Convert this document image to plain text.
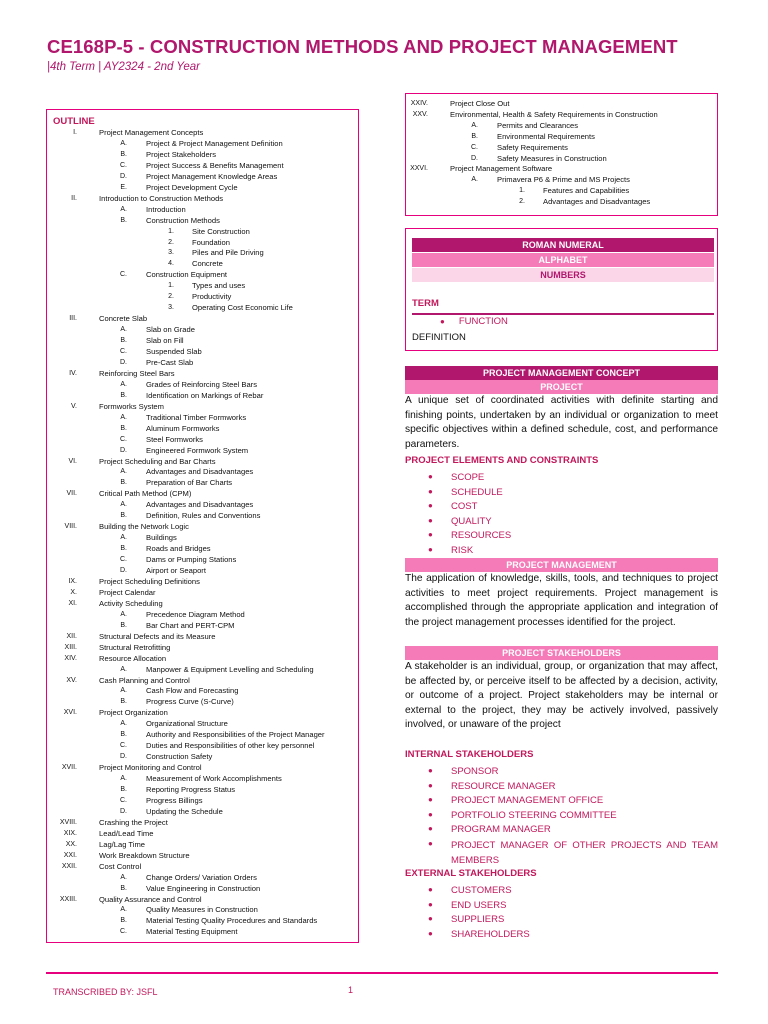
CE168P-5 - CONSTRUCTION METHODS AND PROJECT MANAGEMENT
|4th Term | AY2324 - 2nd Year
OUTLINE
I.	Project Management Concepts
A.	Project & Project Management Definition
B.	Project Stakeholders
C.	Project Success & Benefits Management
D.	Project Management Knowledge Areas
E.	Project Development Cycle
II.	Introduction to Construction Methods
A.	Introduction
B.	Construction Methods
1. Site Construction
2. Foundation
3. Piles and Pile Driving
4. Concrete
C.	Construction Equipment
1. Types and uses
2. Productivity
3. Operating Cost Economic Life
III.	Concrete Slab
A.	Slab on Grade
B.	Slab on Fill
C.	Suspended Slab
D.	Pre-Cast Slab
IV.	Reinforcing Steel Bars
A.	Grades of Reinforcing Steel Bars
B.	Identification on Markings of Rebar
V.	Formworks System
A.	Traditional Timber Formworks
B.	Aluminum Formworks
C.	Steel Formworks
D.	Engineered Formwork System
VI.	Project Scheduling and Bar Charts
A.	Advantages and Disadvantages
B.	Preparation of Bar Charts
VII.	Critical Path Method (CPM)
A.	Advantages and Disadvantages
B.	Definition, Rules and Conventions
VIII.	Building the Network Logic
A.	Buildings
B.	Roads and Bridges
C.	Dams or Pumping Stations
D.	Airport or Seaport
IX.	Project Scheduling Definitions
X.	Project Calendar
XI.	Activity Scheduling
A.	Precedence Diagram Method
B.	Bar Chart and PERT-CPM
XII.	Structural Defects and its Measure
XIII.	Structural Retrofitting
XIV.	Resource Allocation
A.	Manpower & Equipment Levelling and Scheduling
XV.	Cash Planning and Control
A.	Cash Flow and Forecasting
B.	Progress Curve (S-Curve)
XVI.	Project Organization
A.	Organizational Structure
B.	Authority and Responsibilities of the Project Manager
C.	Duties and Responsibilities of other key personnel
D.	Construction Safety
XVII.	Project Monitoring and Control
A.	Measurement of Work Accomplishments
B.	Reporting Progress Status
C.	Progress Billings
D.	Updating the Schedule
XVIII.	Crashing the Project
XIX.	Lead/Lead Time
XX.	Lag/Lag Time
XXI.	Work Breakdown Structure
XXII.	Cost Control
A.	Change Orders/ Variation Orders
B.	Value Engineering in Construction
XXIII.	Quality Assurance and Control
A.	Quality Measures in Construction
B.	Material Testing Quality Procedures and Standards
C.	Material Testing Equipment
XXIV.	Project Close Out
XXV.	Environmental, Health & Safety Requirements in Construction
A.	Permits and Clearances
B.	Environmental Requirements
C.	Safety Requirements
D.	Safety Measures in Construction
XXVI.	Project Management Software
A.	Primavera P6 & Prime and MS Projects
1. Features and Capabilities
2. Advantages and Disadvantages
ROMAN NUMERAL
ALPHABET
NUMBERS
TERM
● FUNCTION
DEFINITION
PROJECT MANAGEMENT CONCEPT
PROJECT
A unique set of coordinated activities with definite starting and finishing points, undertaken by an individual or organization to meet specific objectives within a defined schedule, cost, and performance parameters.
PROJECT ELEMENTS AND CONSTRAINTS
● SCOPE
● SCHEDULE
● COST
● QUALITY
● RESOURCES
● RISK
PROJECT MANAGEMENT
The application of knowledge, skills, tools, and techniques to project activities to meet project requirements. Project management is accomplished through the appropriate application and integration of the project management processes identified for the project.
PROJECT STAKEHOLDERS
A stakeholder is an individual, group, or organization that may affect, be affected by, or perceive itself to be affected by a decision, activity, or outcome of a project. Project stakeholders may be internal or external to the project, they may be actively involved, passively involved, or unaware of the project
INTERNAL STAKEHOLDERS
● SPONSOR
● RESOURCE MANAGER
● PROJECT MANAGEMENT OFFICE
● PORTFOLIO STEERING COMMITTEE
● PROGRAM MANAGER
● PROJECT MANAGER OF OTHER PROJECTS AND TEAM MEMBERS
EXTERNAL STAKEHOLDERS
● CUSTOMERS
● END USERS
● SUPPLIERS
● SHAREHOLDERS
TRANSCRIBED BY: JSFL	1
